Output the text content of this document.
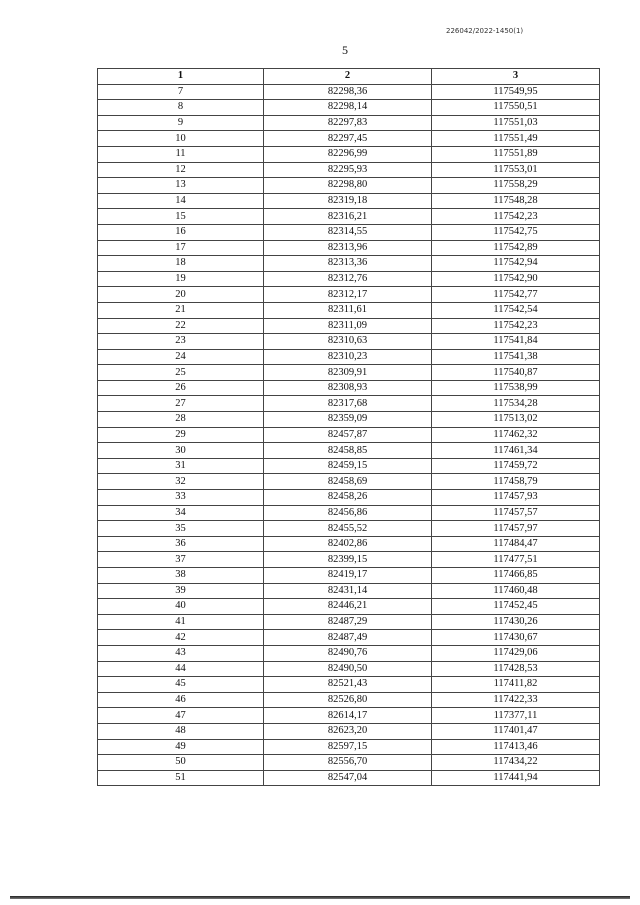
226042/2022-1450(1)
5
1	2	3
7	82298,36	117549,95
8	82298,14	117550,51
9	82297,83	117551,03
10	82297,45	117551,49
11	82296,99	117551,89
12	82295,93	117553,01
13	82298,80	117558,29
14	82319,18	117548,28
15	82316,21	117542,23
16	82314,55	117542,75
17	82313,96	117542,89
18	82313,36	117542,94
19	82312,76	117542,90
20	82312,17	117542,77
21	82311,61	117542,54
22	82311,09	117542,23
23	82310,63	117541,84
24	82310,23	117541,38
25	82309,91	117540,87
26	82308,93	117538,99
27	82317,68	117534,28
28	82359,09	117513,02
29	82457,87	117462,32
30	82458,85	117461,34
31	82459,15	117459,72
32	82458,69	117458,79
33	82458,26	117457,93
34	82456,86	117457,57
35	82455,52	117457,97
36	82402,86	117484,47
37	82399,15	117477,51
38	82419,17	117466,85
39	82431,14	117460,48
40	82446,21	117452,45
41	82487,29	117430,26
42	82487,49	117430,67
43	82490,76	117429,06
44	82490,50	117428,53
45	82521,43	117411,82
46	82526,80	117422,33
47	82614,17	117377,11
48	82623,20	117401,47
49	82597,15	117413,46
50	82556,70	117434,22
51	82547,04	117441,94
